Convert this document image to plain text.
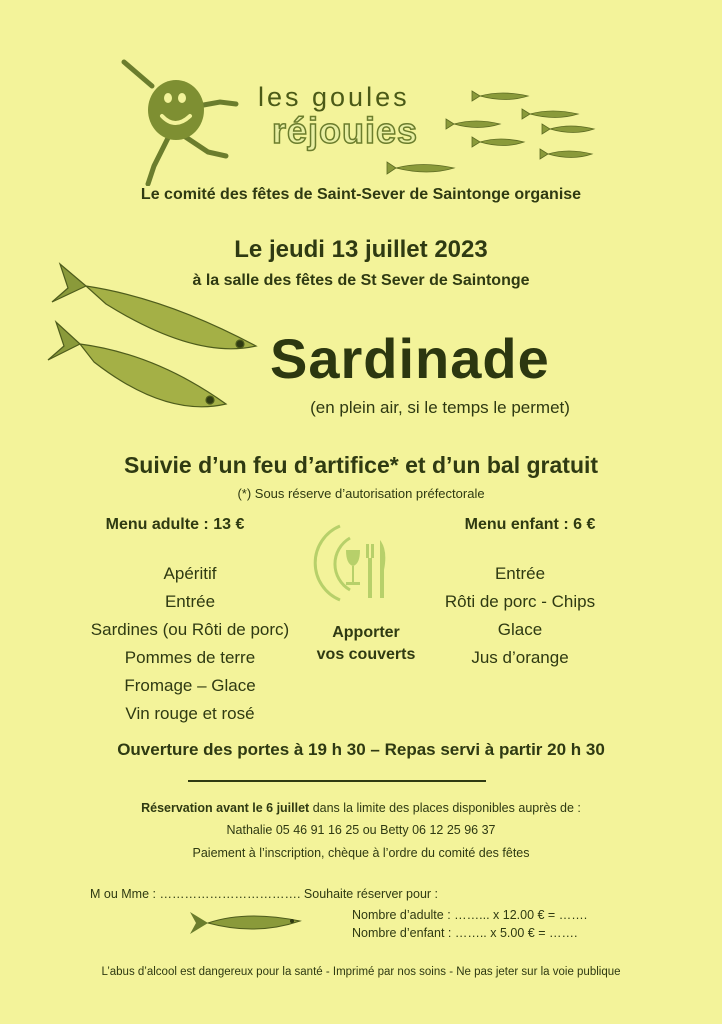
les goules
réjouies
Le comité des fêtes de Saint-Sever de Saintonge organise
Le jeudi 13 juillet 2023
à la salle des fêtes de St Sever de Saintonge
Sardinade
(en plein air, si le temps le permet)
Suivie d’un feu d’artifice* et d’un bal gratuit
(*) Sous réserve d’autorisation préfectorale
Menu adulte : 13 €	Menu enfant : 6 €
Apéritif
Entrée
Sardines (ou Rôti de porc)
Pommes de terre
Fromage – Glace
Vin rouge et rosé
Entrée
Rôti de porc - Chips
Glace
Jus d’orange
Apporter
vos couverts
Ouverture des portes à 19 h 30 – Repas servi à partir 20 h 30
Réservation avant le 6 juillet dans la limite des places disponibles auprès de :
Nathalie 05 46 91 16 25 ou Betty 06 12 25 96 37
Paiement à l’inscription, chèque à l’ordre du comité des fêtes
M ou Mme : ……………………………. Souhaite réserver pour :
Nombre d’adulte : ……... x 12.00 € = …….
Nombre d’enfant : …….. x 5.00 € = …….
L’abus d’alcool est dangereux pour la santé - Imprimé par nos soins - Ne pas jeter sur la voie publique
